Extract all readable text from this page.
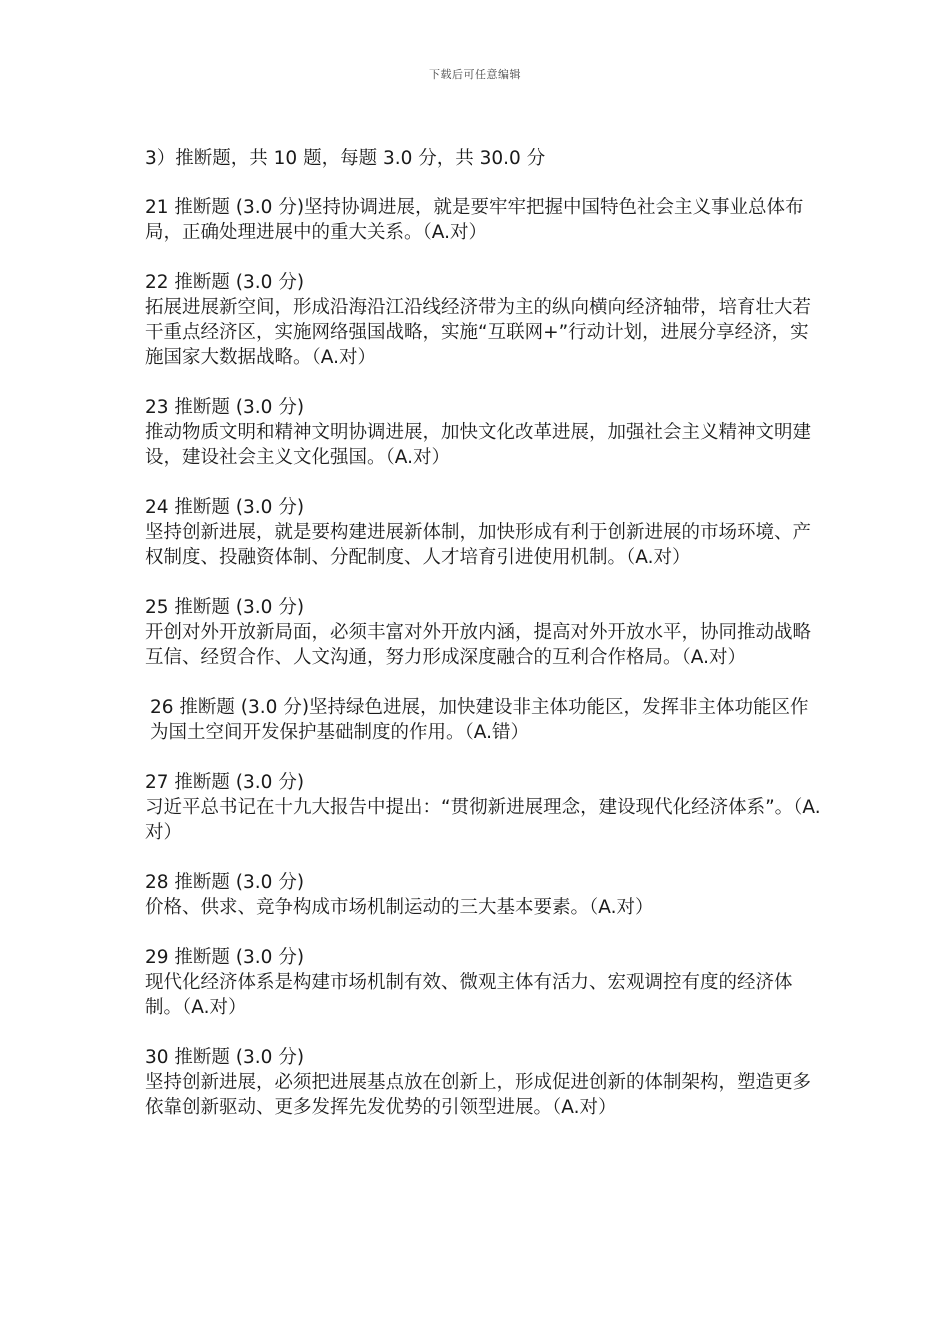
下载后可任意编辑
3）推断题，共 10 题，每题 3.0 分，共 30.0 分
21 推断题 (3.0 分)坚持协调进展，就是要牢牢把握中国特色社会主义事业总体布局，正确处理进展中的重大关系。（A.对）
22 推断题 (3.0 分)
拓展进展新空间，形成沿海沿江沿线经济带为主的纵向横向经济轴带，培育壮大若干重点经济区，实施网络强国战略，实施“互联网+”行动计划，进展分享经济，实施国家大数据战略。（A.对）
23 推断题 (3.0 分)
推动物质文明和精神文明协调进展，加快文化改革进展，加强社会主义精神文明建设，建设社会主义文化强国。（A.对）
24 推断题 (3.0 分)
坚持创新进展，就是要构建进展新体制，加快形成有利于创新进展的市场环境、产权制度、投融资体制、分配制度、人才培育引进使用机制。（A.对）
25 推断题 (3.0 分)
开创对外开放新局面，必须丰富对外开放内涵，提高对外开放水平，协同推动战略互信、经贸合作、人文沟通，努力形成深度融合的互利合作格局。（A.对）
26 推断题 (3.0 分)坚持绿色进展，加快建设非主体功能区，发挥非主体功能区作为国土空间开发保护基础制度的作用。（A.错）
27 推断题 (3.0 分)
习近平总书记在十九大报告中提出：“贯彻新进展理念，建设现代化经济体系”。（A.对）
28 推断题 (3.0 分)
价格、供求、竞争构成市场机制运动的三大基本要素。（A.对）
29 推断题 (3.0 分)
现代化经济体系是构建市场机制有效、微观主体有活力、宏观调控有度的经济体制。（A.对）
30 推断题 (3.0 分)
坚持创新进展，必须把进展基点放在创新上，形成促进创新的体制架构，塑造更多依靠创新驱动、更多发挥先发优势的引领型进展。（A.对）
